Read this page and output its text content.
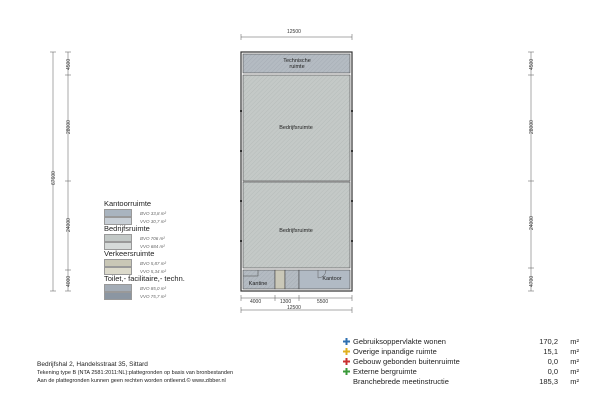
12500
4000	1300	5500
12500
67600
4500
28000
24000
4000
4500
28000
24000
4700
Technische ruimte
Bedrijfsruimte
Bedrijfsruimte
Kantine
Kantoor
Kantoorruimte
BVO 33,8 m²
VVO 30,7 m²
Bedrijfsruimte
BVO 706 m²
VVO 684 m²
Verkeersruimte
BVO 5,87 m²
VVO 5,34 m²
Toilet,- facilitaire,- techn.
BVO 85,0 m²
VVO 75,7 m²
Gebruiksoppervlakte wonen	170,2 m²
Overige inpandige ruimte	15,1 m²
Gebouw gebonden buitenruimte	0,0 m²
Externe bergruimte	0,0 m²
Branchebrede meetinstructie	185,3 m²
Bedrijfshal 2, Handelsstraat 35, Sittard
Tekening type B (NTA 2581:2011:NL):plattegronden op basis van bronbestanden
Aan de plattegronden kunnen geen rechten worden ontleend.© www.zibber.nl
